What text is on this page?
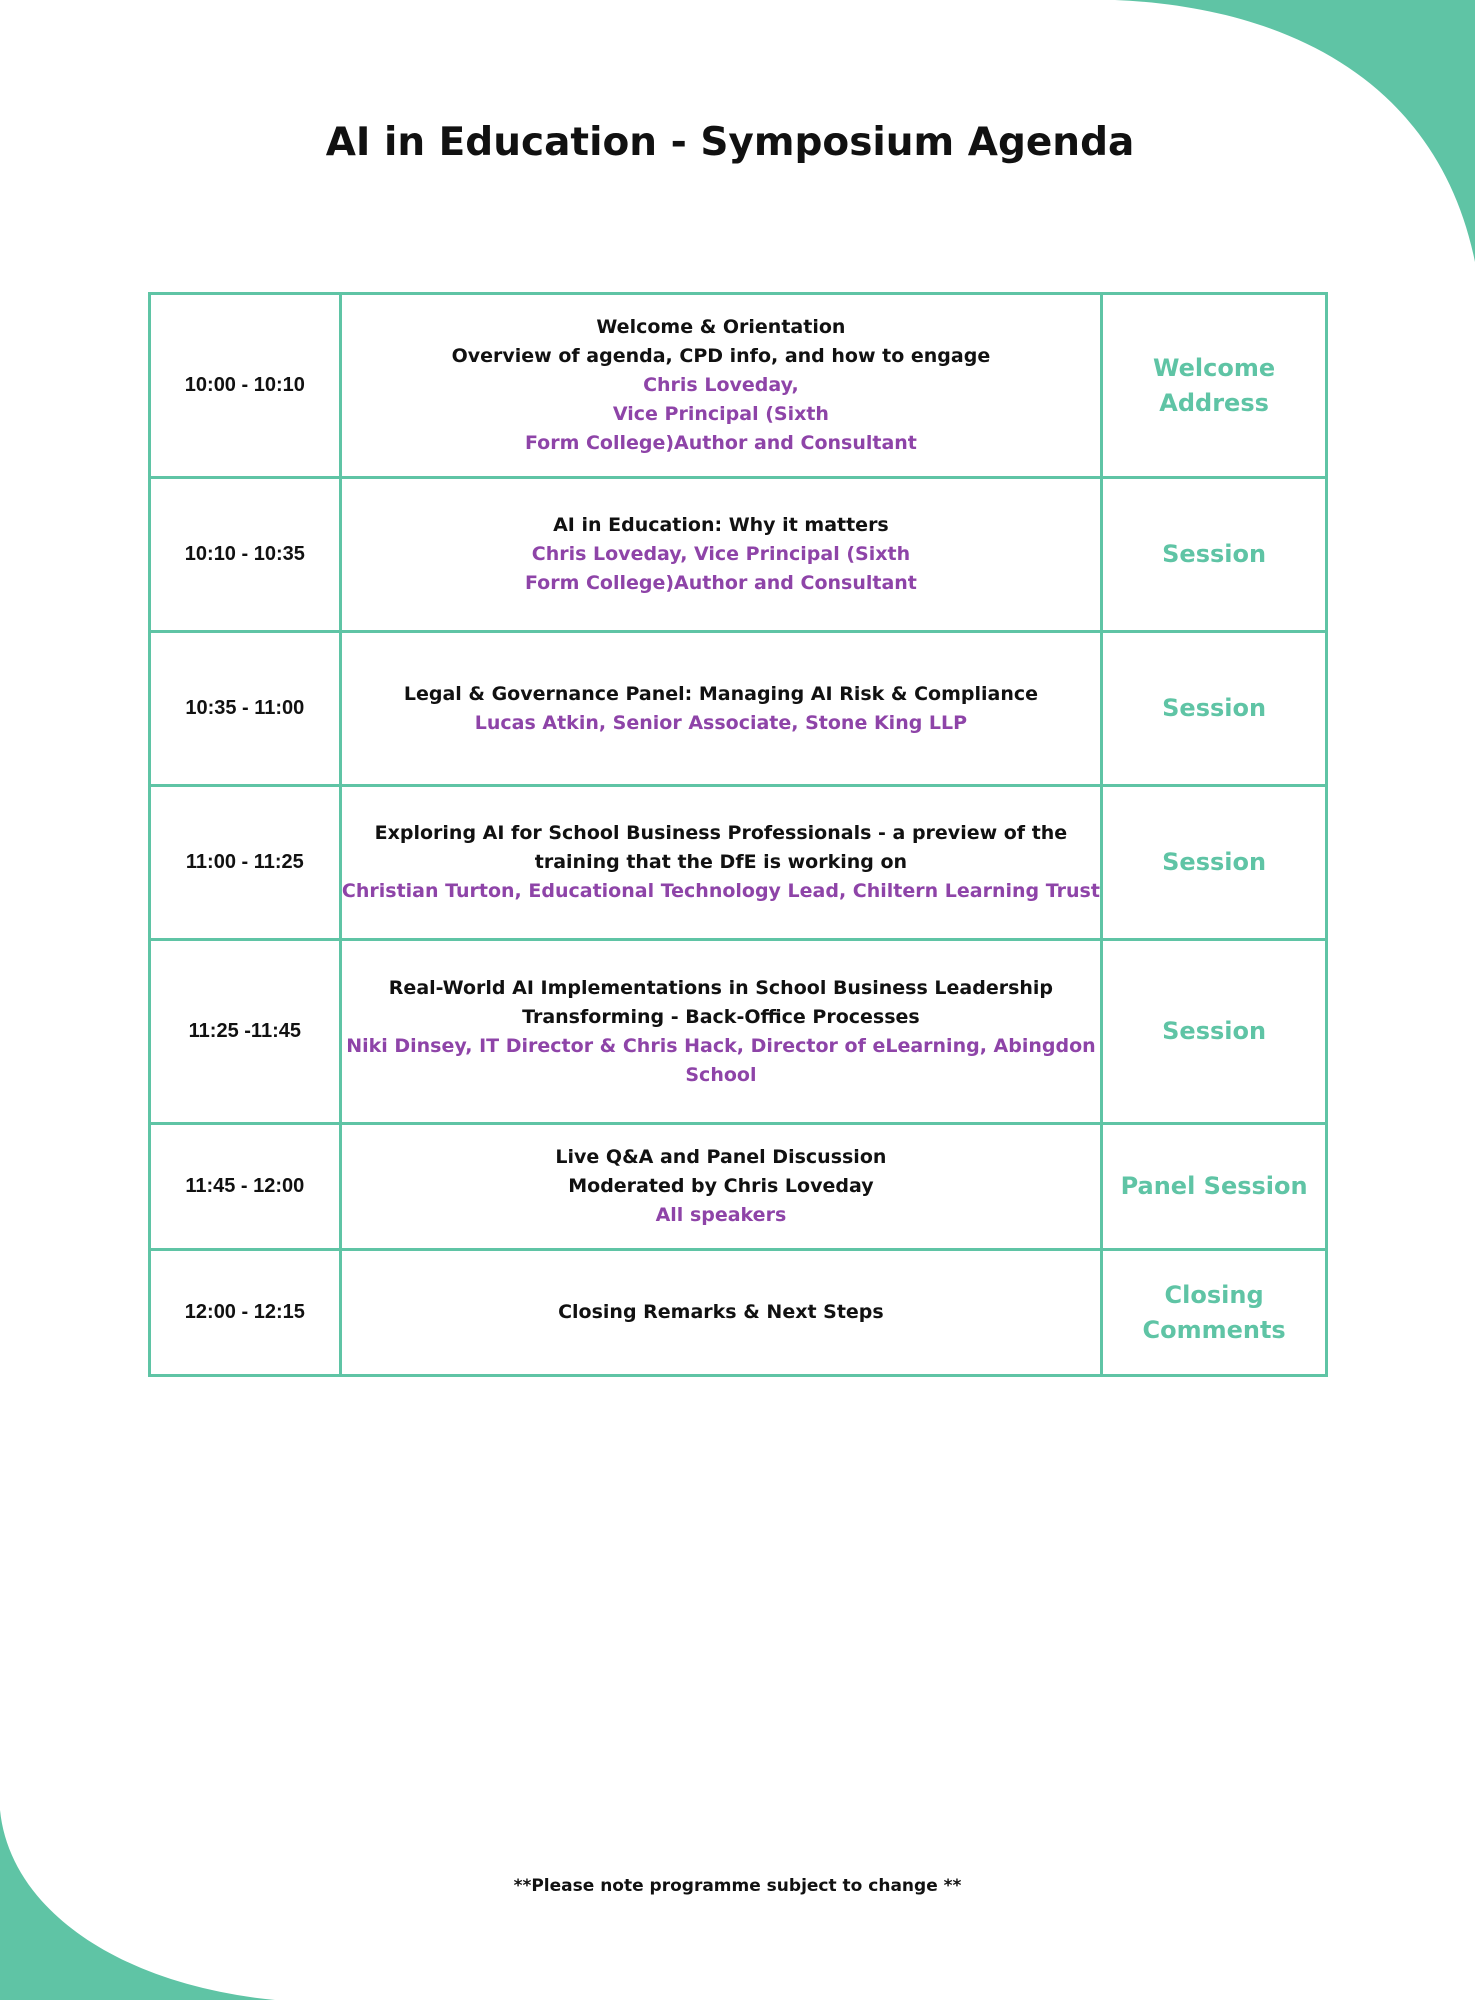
AI in Education - Symposium Agenda
10:00 - 10:10	Welcome & Orientation
Overview of agenda, CPD info, and how to engage
Chris Loveday,
Vice Principal (Sixth
Form College)Author and Consultant	Welcome Address
10:10 - 10:35	AI in Education: Why it matters
Chris Loveday, Vice Principal (Sixth
Form College)Author and Consultant	Session
10:35 - 11:00	Legal & Governance Panel: Managing AI Risk & Compliance
Lucas Atkin, Senior Associate, Stone King LLP	Session
11:00 - 11:25	Exploring AI for School Business Professionals - a preview of the
training that the DfE is working on
Christian Turton, Educational Technology Lead, Chiltern Learning Trust	Session
11:25 -11:45	Real-World AI Implementations in School Business Leadership
Transforming - Back-Office Processes
Niki Dinsey, IT Director & Chris Hack, Director of eLearning, Abingdon
School	Session
11:45 - 12:00	Live Q&A and Panel Discussion
Moderated by Chris Loveday
All speakers	Panel Session
12:00 - 12:15	Closing Remarks & Next Steps	Closing Comments
**Please note programme subject to change **
